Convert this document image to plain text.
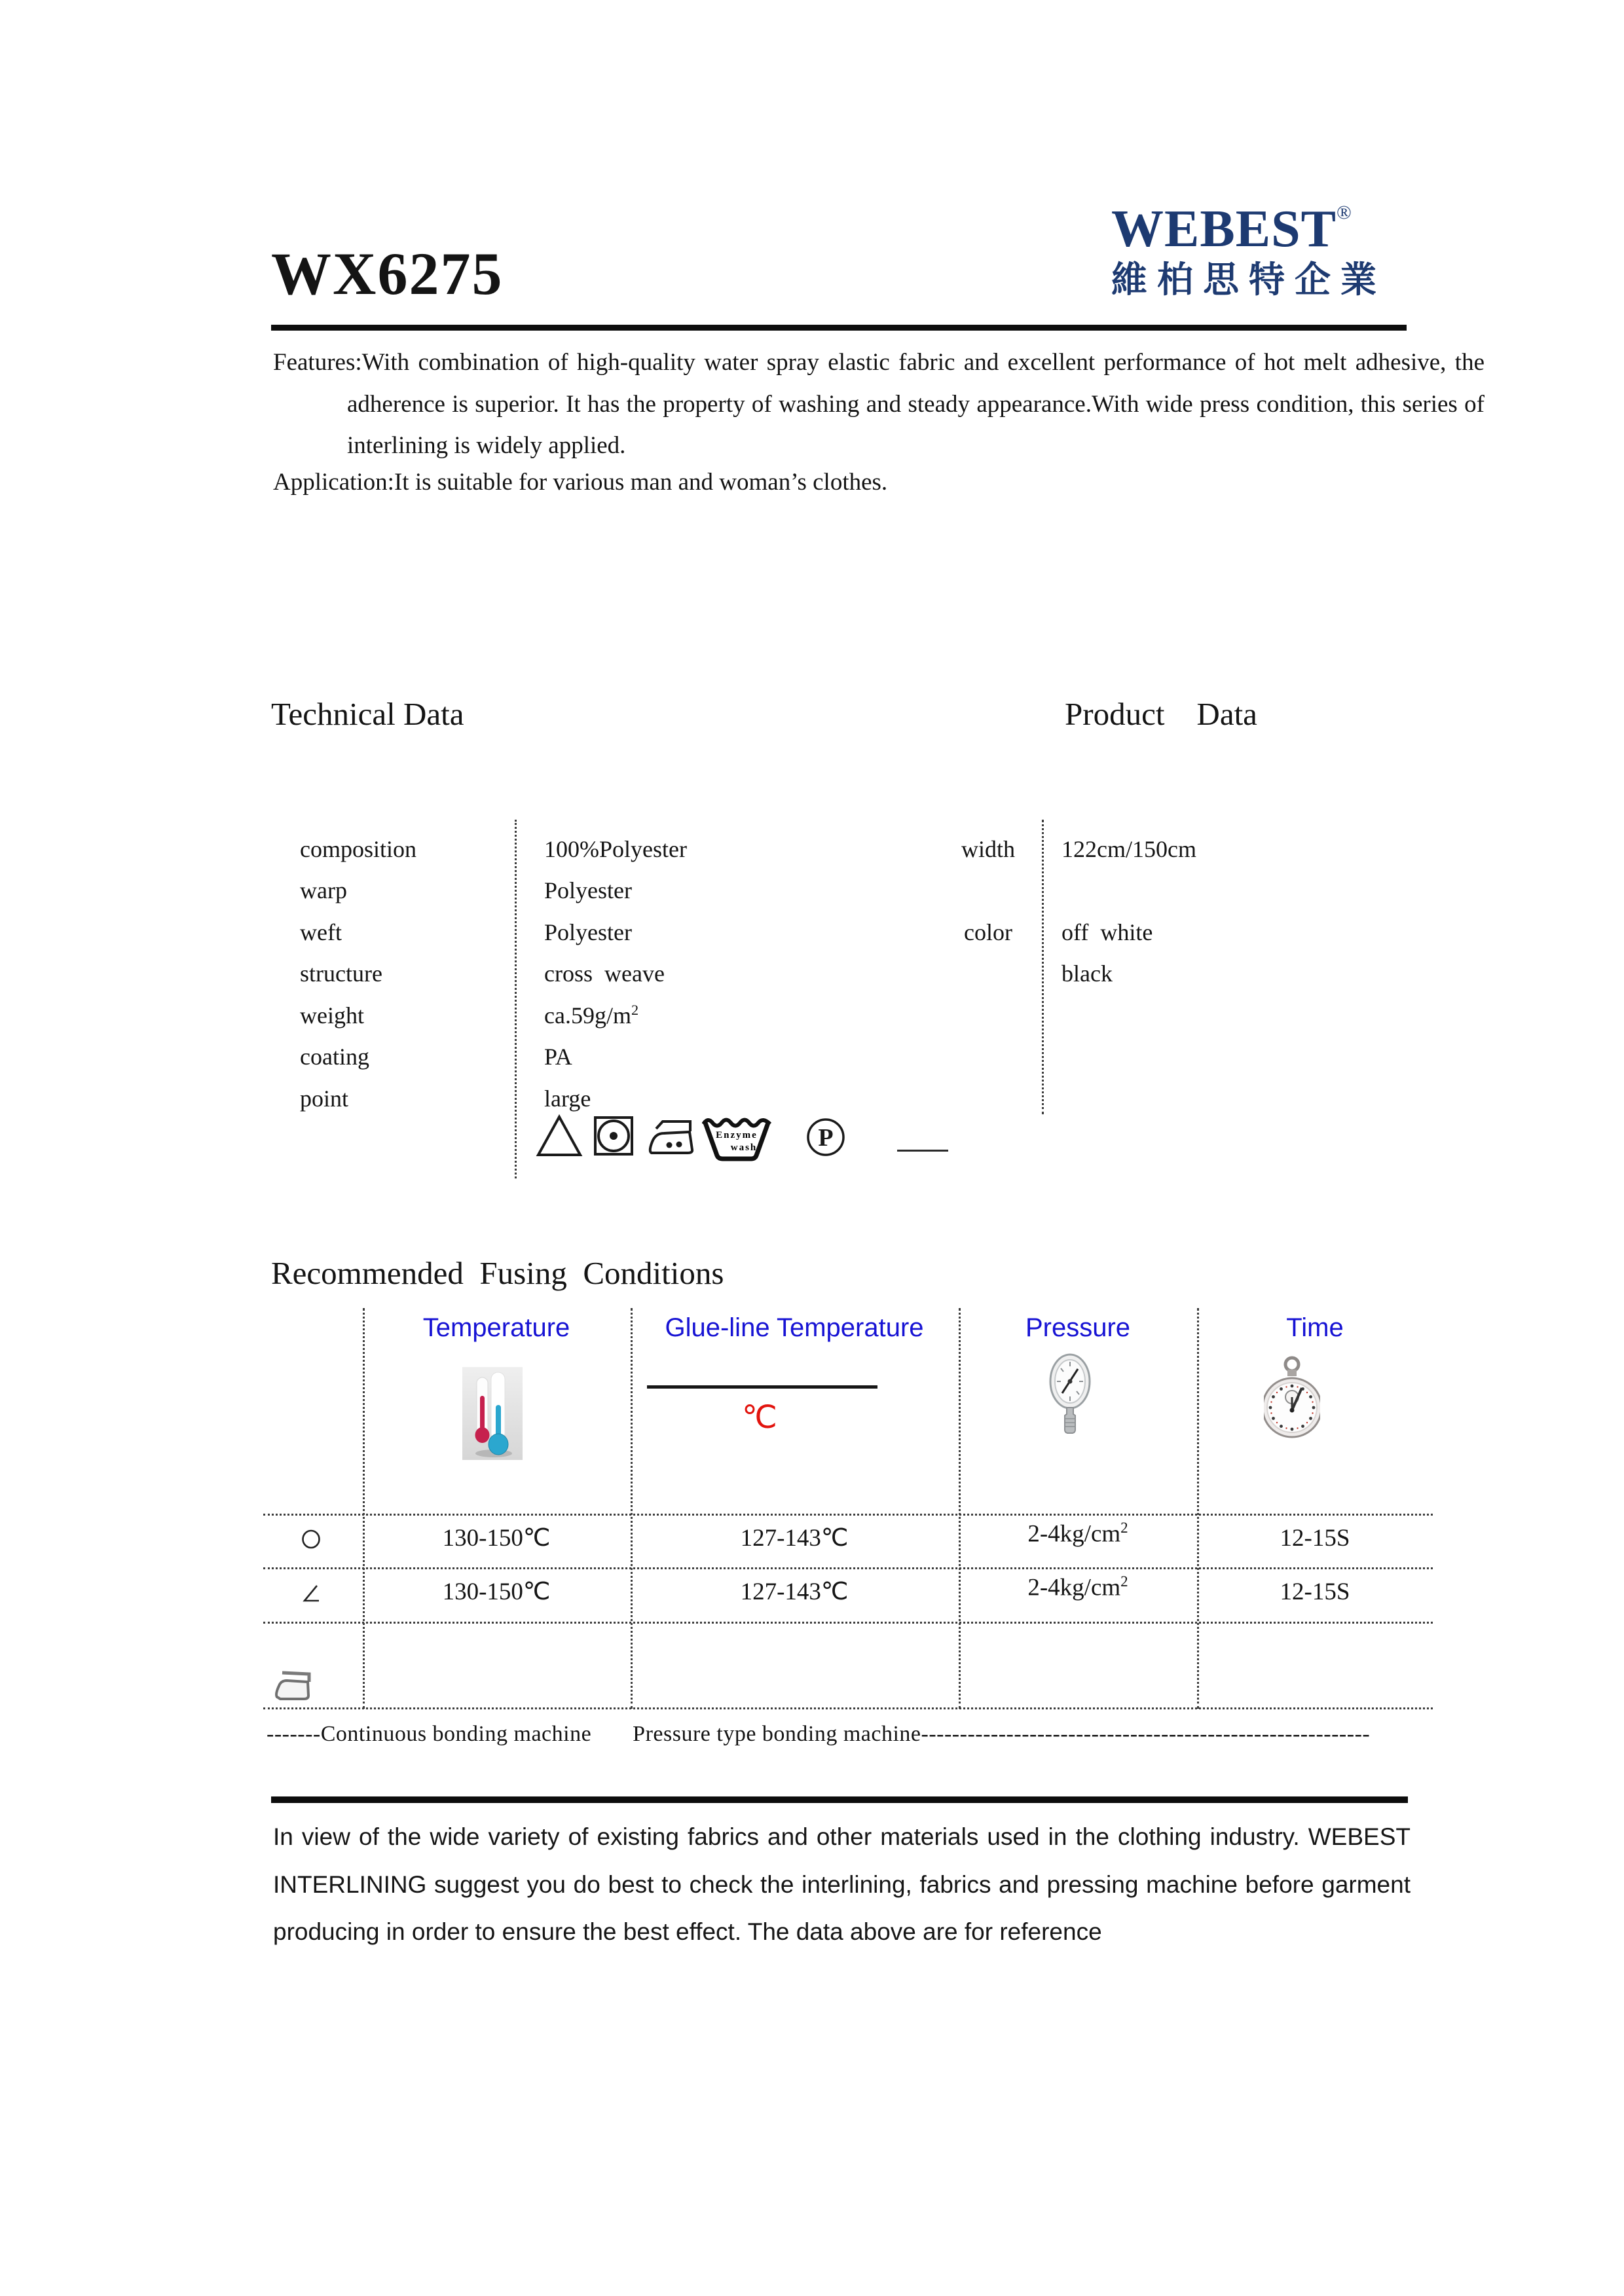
WX6275
WEBEST®
維柏思特企業
Features:With combination of high-quality water spray elastic fabric and excellent performance of hot melt adhesive, the adherence is superior. It has the property of washing and steady appearance.With wide press condition, this series of interlining is widely applied.
Application:It is suitable for various man and woman’s clothes.
Technical Data	Product    Data
composition	100%Polyester
warp	Polyester
weft	Polyester
structure	cross  weave
weight	$ca.59g/m^2$
coating	PA
point	large
width 122cm/150cm
color off  white
black
Enzyme
wash P
Recommended  Fusing  Conditions
Temperature	Glue-line Temperature	Pressure	Time
℃
130-150℃	127-143℃	$2-4kg/cm^2$	12-15S
130-150℃	127-143℃	$2-4kg/cm^2$	12-15S
-------Continuous bonding machine       Pressure type bonding machine----------------------------------------------------------
In view of the wide variety of existing fabrics and other materials used in the clothing industry. WEBEST INTERLINING suggest you do best to check the interlining, fabrics and pressing machine before garment producing in order to ensure the best effect. The data above are for reference
